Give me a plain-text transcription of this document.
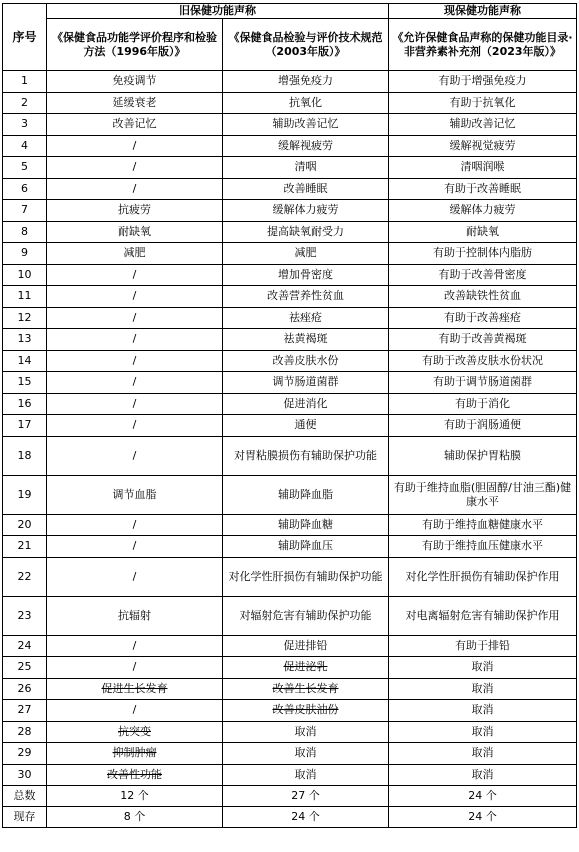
序号	旧保健功能声称		现保健功能声称
	《保健食品功能学评价程序和检验方法（1996年版）》	《保健食品检验与评价技术规范（2003年版）》	《允许保健食品声称的保健功能目录·非营养素补充剂（2023年版）》
1	免疫调节	增强免疫力	有助于增强免疫力
2	延缓衰老	抗氧化	有助于抗氧化
3	改善记忆	辅助改善记忆	辅助改善记忆
4	/	缓解视疲劳	缓解视觉疲劳
5	/	清咽	清咽润喉
6	/	改善睡眠	有助于改善睡眠
7	抗疲劳	缓解体力疲劳	缓解体力疲劳
8	耐缺氧	提高缺氧耐受力	耐缺氧
9	减肥	减肥	有助于控制体内脂肪
10	/	增加骨密度	有助于改善骨密度
11	/	改善营养性贫血	改善缺铁性贫血
12	/	祛痤疮	有助于改善痤疮
13	/	祛黄褐斑	有助于改善黄褐斑
14	/	改善皮肤水份	有助于改善皮肤水份状况
15	/	调节肠道菌群	有助于调节肠道菌群
16	/	促进消化	有助于消化
17	/	通便	有助于润肠通便
18	/	对胃粘膜损伤有辅助保护功能	辅助保护胃粘膜
19	调节血脂	辅助降血脂	有助于维持血脂(胆固醇/甘油三酯)健康水平
20	/	辅助降血糖	有助于维持血糖健康水平
21	/	辅助降血压	有助于维持血压健康水平
22	/	对化学性肝损伤有辅助保护功能	对化学性肝损伤有辅助保护作用
23	抗辐射	对辐射危害有辅助保护功能	对电离辐射危害有辅助保护作用
24	/	促进排铅	有助于排铅
25	/	促进泌乳	取消
26	促进生长发育	改善生长发育	取消
27	/	改善皮肤油份	取消
28	抗突变	取消	取消
29	抑制肿瘤	取消	取消
30	改善性功能	取消	取消
总数	12 个	27 个	24 个
现存	8 个	24 个	24 个
